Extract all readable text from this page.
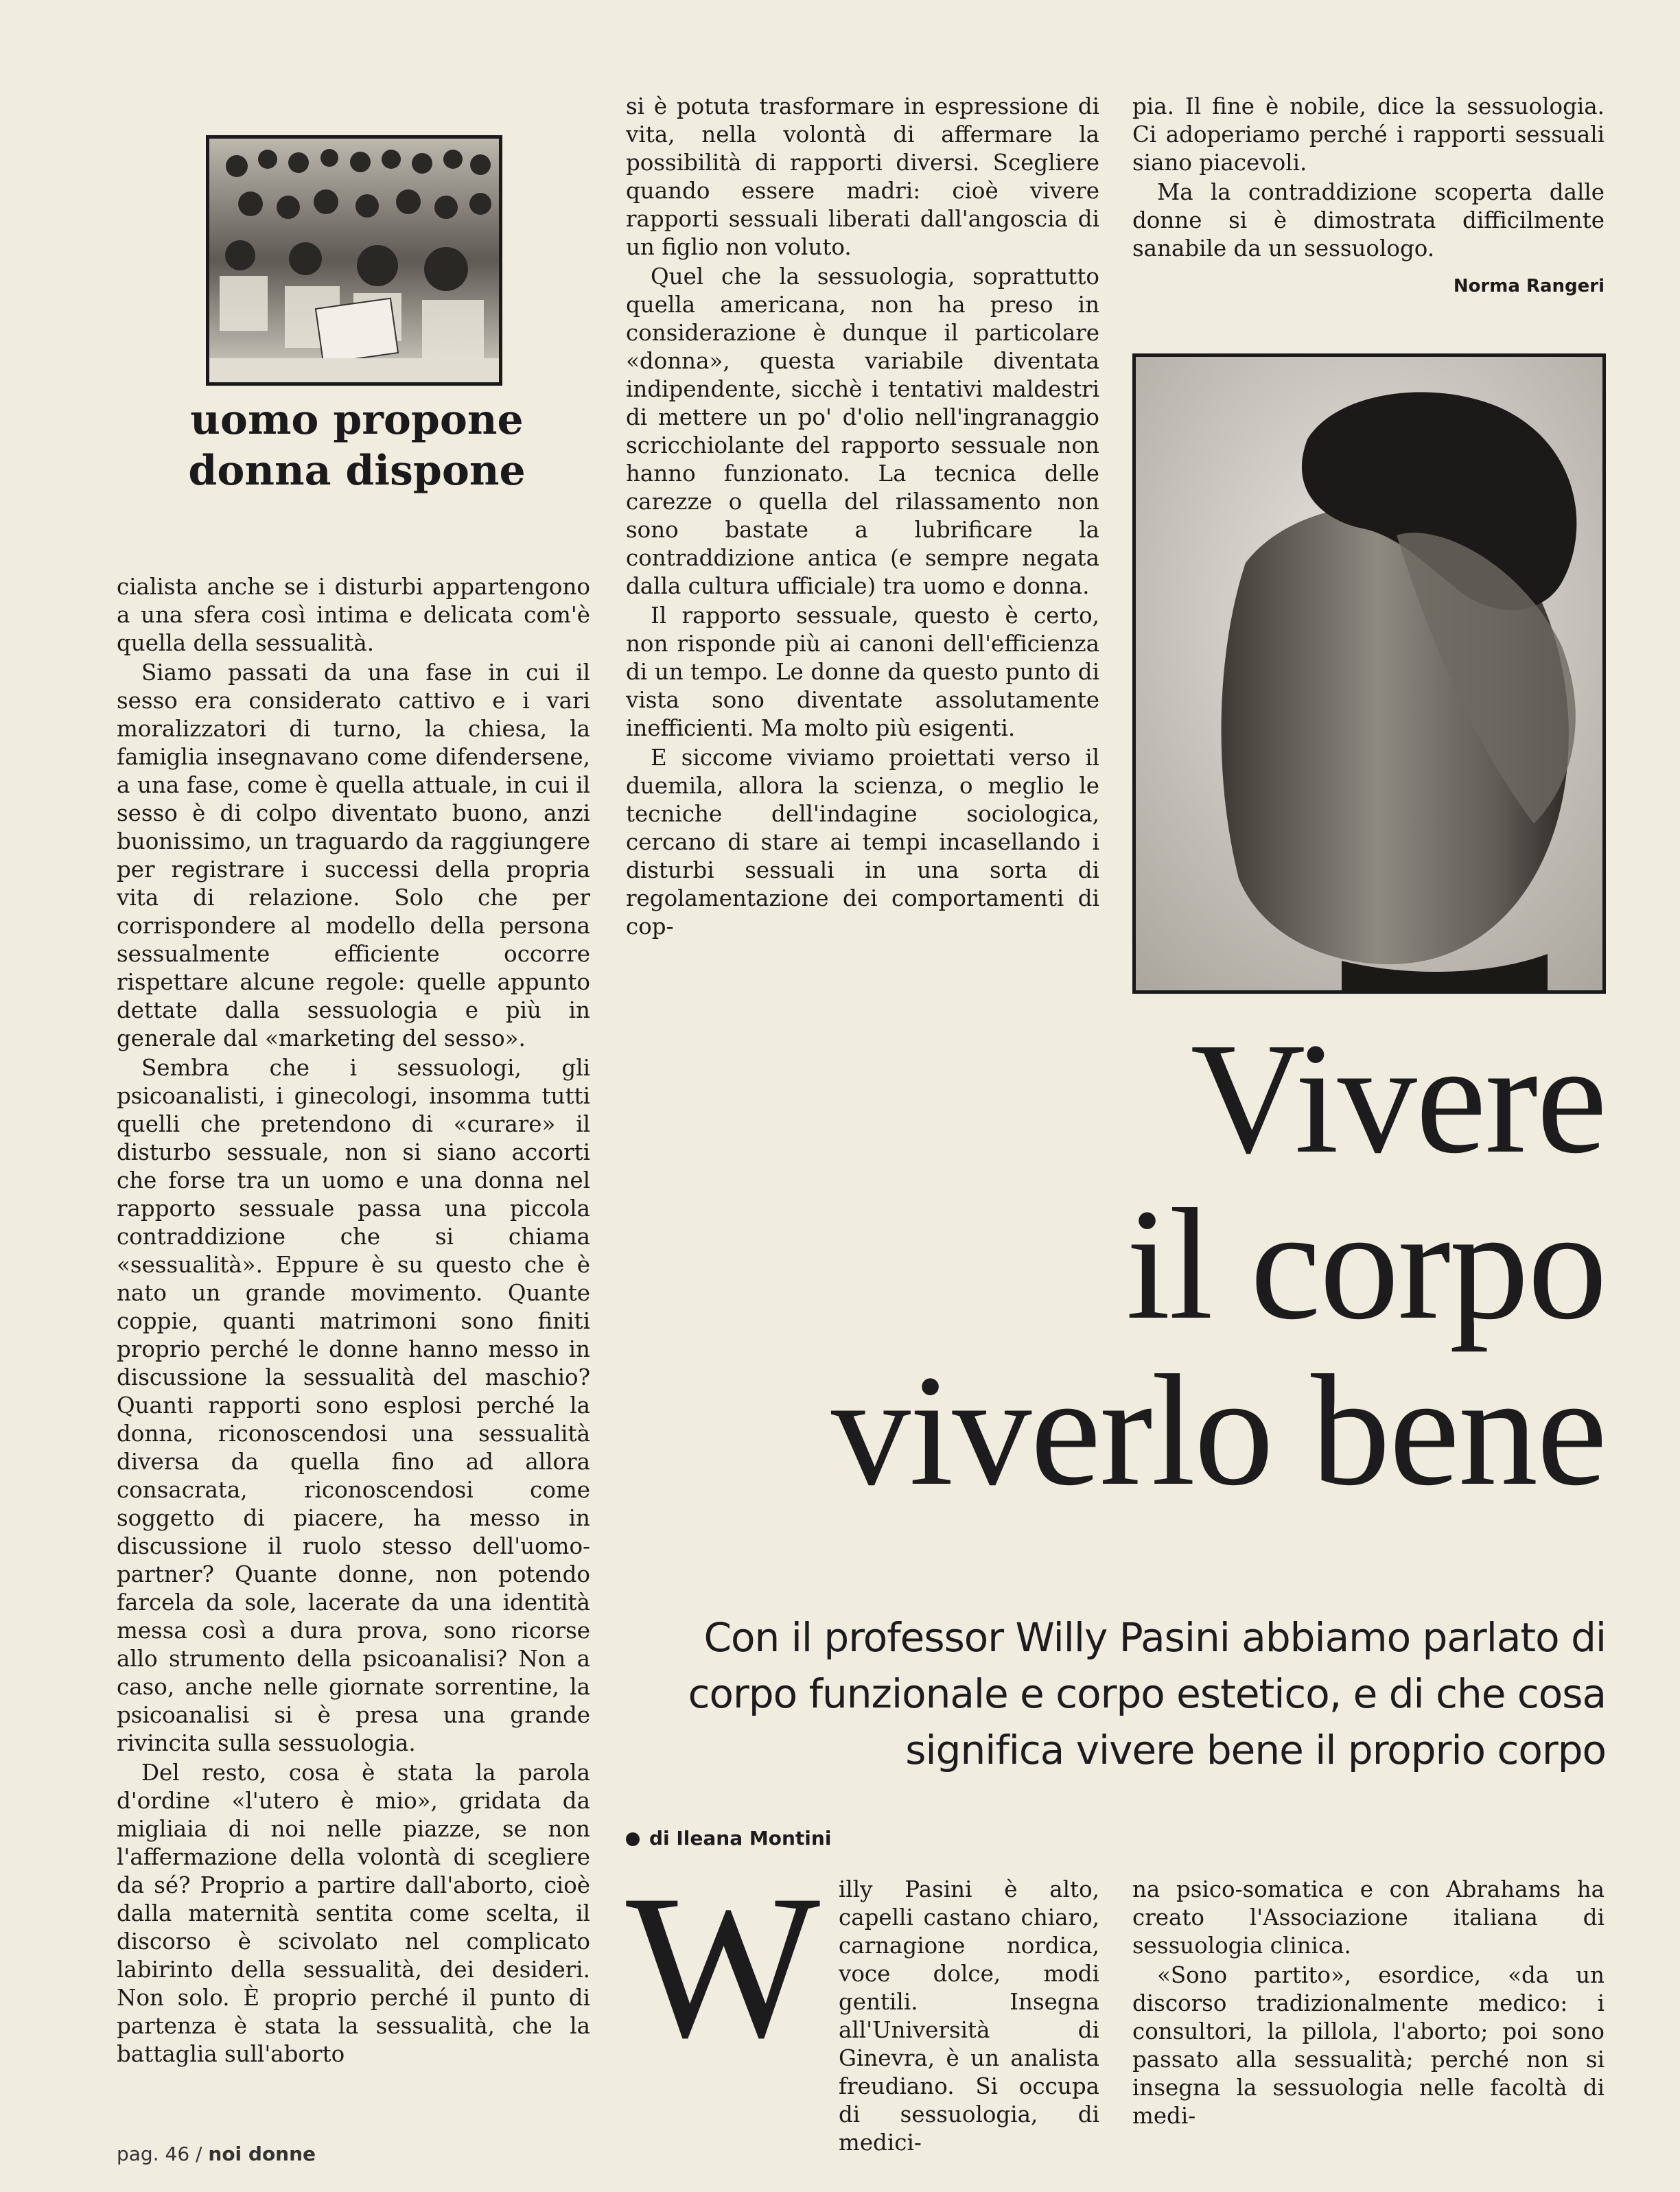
uomo propone
donna dispone

cialista anche se i disturbi appartengono a una sfera così intima e delicata com'è quella della sessualità.

Siamo passati da una fase in cui il sesso era considerato cattivo e i vari moralizzatori di turno, la chiesa, la famiglia insegnavano come difendersene, a una fase, come è quella attuale, in cui il sesso è di colpo diventato buono, anzi buonissimo, un traguardo da raggiungere per registrare i successi della propria vita di relazione. Solo che per corrispondere al modello della persona sessualmente efficiente occorre rispettare alcune regole: quelle appunto dettate dalla sessuologia e più in generale dal «marketing del sesso».

Sembra che i sessuologi, gli psicoanalisti, i ginecologi, insomma tutti quelli che pretendono di «curare» il disturbo sessuale, non si siano accorti che forse tra un uomo e una donna nel rapporto sessuale passa una piccola contraddizione che si chiama «sessualità». Eppure è su questo che è nato un grande movimento. Quante coppie, quanti matrimoni sono finiti proprio perché le donne hanno messo in discussione la sessualità del maschio? Quanti rapporti sono esplosi perché la donna, riconoscendosi una sessualità diversa da quella fino ad allora consacrata, riconoscendosi come soggetto di piacere, ha messo in discussione il ruolo stesso dell'uomo-partner? Quante donne, non potendo farcela da sole, lacerate da una identità messa così a dura prova, sono ricorse allo strumento della psicoanalisi? Non a caso, anche nelle giornate sorrentine, la psicoanalisi si è presa una grande rivincita sulla sessuologia.

Del resto, cosa è stata la parola d'ordine «l'utero è mio», gridata da migliaia di noi nelle piazze, se non l'affermazione della volontà di scegliere da sé? Proprio a partire dall'aborto, cioè dalla maternità sentita come scelta, il discorso è scivolato nel complicato labirinto della sessualità, dei desideri. Non solo. È proprio perché il punto di partenza è stata la sessualità, che la battaglia sull'aborto

si è potuta trasformare in espressione di vita, nella volontà di affermare la possibilità di rapporti diversi. Scegliere quando essere madri: cioè vivere rapporti sessuali liberati dall'angoscia di un figlio non voluto.

Quel che la sessuologia, soprattutto quella americana, non ha preso in considerazione è dunque il particolare «donna», questa variabile diventata indipendente, sicchè i tentativi maldestri di mettere un po' d'olio nell'ingranaggio scricchiolante del rapporto sessuale non hanno funzionato. La tecnica delle carezze o quella del rilassamento non sono bastate a lubrificare la contraddizione antica (e sempre negata dalla cultura ufficiale) tra uomo e donna.

Il rapporto sessuale, questo è certo, non risponde più ai canoni dell'efficienza di un tempo. Le donne da questo punto di vista sono diventate assolutamente inefficienti. Ma molto più esigenti.

E siccome viviamo proiettati verso il duemila, allora la scienza, o meglio le tecniche dell'indagine sociologica, cercano di stare ai tempi incasellando i disturbi sessuali in una sorta di regolamentazione dei comportamenti di cop-

pia. Il fine è nobile, dice la sessuologia. Ci adoperiamo perché i rapporti sessuali siano piacevoli.

Ma la contraddizione scoperta dalle donne si è dimostrata difficilmente sanabile da un sessuologo.

Norma Rangeri
Vivere
il corpo
viverlo bene
Con il professor Willy Pasini abbiamo parlato di
corpo funzionale e corpo estetico, e di che cosa
significa vivere bene il proprio corpo
di Ileana Montini
W illy Pasini è alto, capelli castano chiaro, carnagione nordica, voce dolce, modi gentili. Insegna all'Università di Ginevra, è un analista freudiano. Si occupa di sessuologia, di medici-

na psico-somatica e con Abrahams ha creato l'Associazione italiana di sessuologia clinica.

«Sono partito», esordice, «da un discorso tradizionalmente medico: i consultori, la pillola, l'aborto; poi sono passato alla sessualità; perché non si insegna la sessuologia nelle facoltà di medi-

pag. 46 / noi donne
